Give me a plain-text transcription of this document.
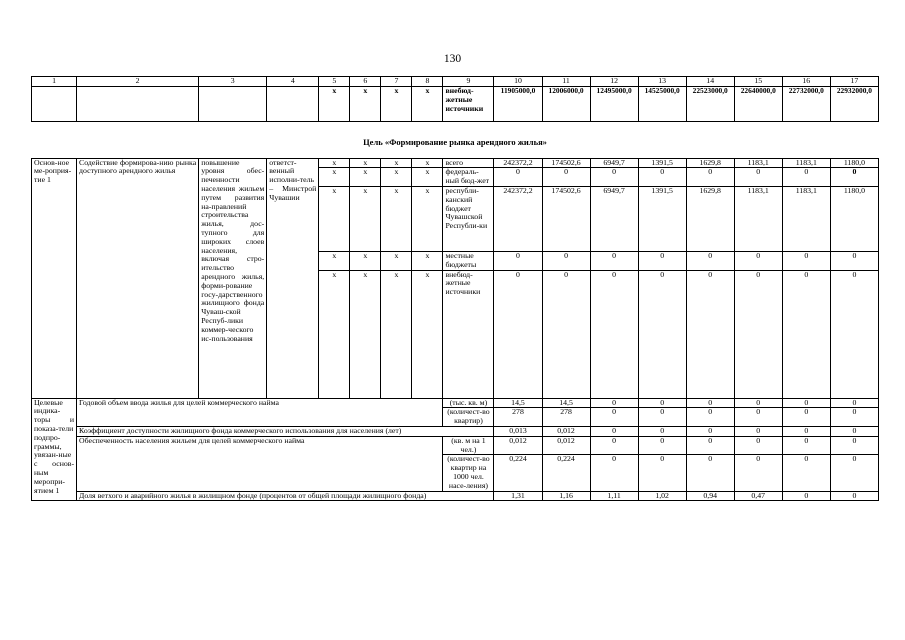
130
1	2	3	4	5	6	7	8	9	10	11	12	13	14	15	16	17
				x	x	x	x	внебюд-жетные источники	11905000,0	12006000,0	12495000,0	14525000,0	22523000,0	22640000,0	22732000,0	22932000,0
Цель «Формирование рынка арендного жилья»																
Основ-ное ме-роприя-тие 1	Содействие формирова-нию рынка доступного арендного жилья	повышение уровня обес-печенности населения жильем путем развития на-правлений строительства жилья, дос-тупного для широких слоев населения, включая стро-ительство арендного жилья, форми-рование госу-дарственного жилищного фонда Чуваш-ской Респуб-лики коммер-ческого ис-пользования	ответст-венный исполни-тель – Минстрой Чувашии	x	x	x	x	всего	242372,2	174502,6	6949,7	1391,5	1629,8	1183,1	1183,1	1180,0
				x	x	x	x	федераль-ный бюд-жет	0	0	0	0	0	0	0	0
				x	x	x	x	республи-канский бюджет Чувашской Республи-ки	242372,2	174502,6	6949,7	1391,5	1629,8	1183,1	1183,1	1180,0
				x	x	x	x	местные бюджеты	0	0	0	0	0	0	0	0
				x	x	x	x	внебюд-жетные источники	0	0	0	0	0	0	0	0
Целевые индика-торы и показа-тели подпро-граммы, увязан-ные с основ-ным меропри-ятием 1	Годовой объем ввода жилья для целей коммерческого найма							(тыс. кв. м)	14,5	14,5	0	0	0	0	0	0
								(количест-во квартир)	278	278	0	0	0	0	0	0
	Коэффициент доступности жилищного фонда коммерческого использования для населения (лет)								0,013	0,012	0	0	0	0	0	0
	Обеспеченность населения жильем для целей коммерческого найма							(кв. м на 1 чел.)	0,012	0,012	0	0	0	0	0	0
								(количест-во квартир на 1000 чел. насе-ления)	0,224	0,224	0	0	0	0	0	0
	Доля ветхого и аварийного жилья в жилищном фонде (процентов от общей площади жилищного фонда)								1,31	1,16	1,11	1,02	0,94	0,47	0	0
